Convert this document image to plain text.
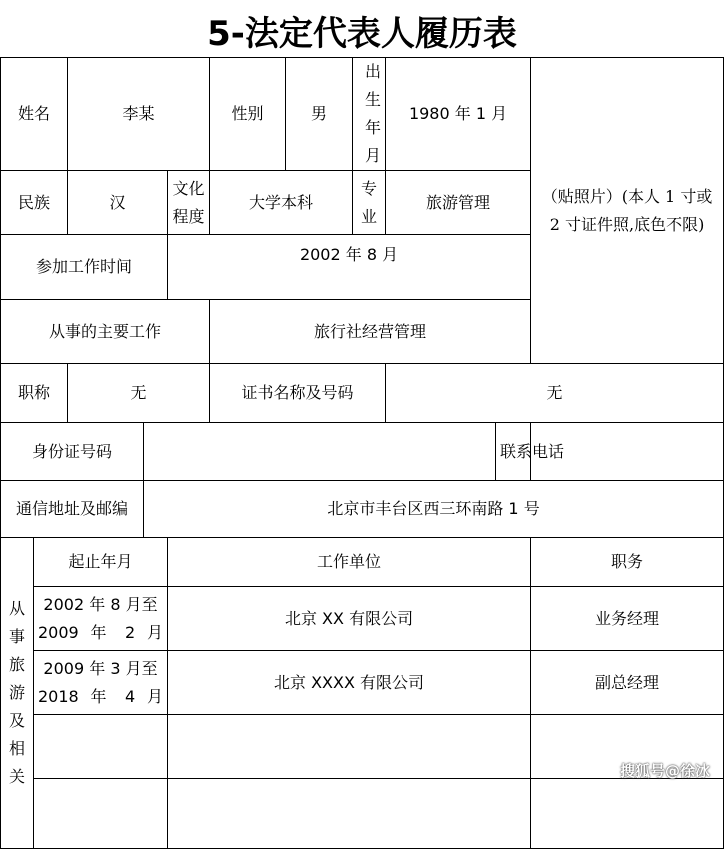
5-法定代表人履历表
姓名		李某			性别	男	出生年月	1980 年 1 月		（贴照片）(本人 1 寸或 2 寸证件照,底色不限)
民族		汉		文化程度	大学本科		专业	旅游管理		
参加工作时间				2002 年 8 月						
从事的主要工作					旅行社经营管理					
职称		无			证书名称及号码			无		
身份证号码									联系电话	
通信地址及邮编			北京市丰台区西三环南路 1 号							

从事旅游及相关	起止年月			工作单位						职务
	2002 年 8 月至 2009 年 2 月			北京 XX 有限公司						业务经理
	2009 年 3 月至 2018 年 4 月			北京 XXXX 有限公司						副总经理

搜狐号@徐冰
